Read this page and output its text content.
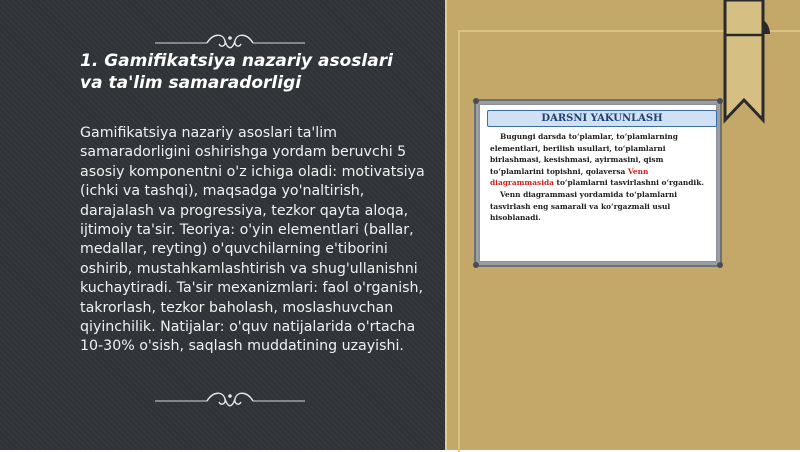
1. Gamifikatsiya nazariy asoslari va ta'lim samaradorligi
Gamifikatsiya nazariy asoslari ta'lim samaradorligini oshirishga yordam beruvchi 5 asosiy komponentni o'z ichiga oladi: motivatsiya (ichki va tashqi), maqsadga yo'naltirish, darajalash va progressiya, tezkor qayta aloqa, ijtimoiy ta'sir. Teoriya: o'yin elementlari (ballar, medallar, reyting) o'quvchilarning e'tiborini oshirib, mustahkamlashtirish va shug'ullanishni kuchaytiradi. Ta'sir mexanizmlari: faol o'rganish, takrorlash, tezkor baholash, moslashuvchan qiyinchilik. Natijalar: o'quv natijalarida o'rtacha 10-30% o'sish, saqlash muddatining uzayishi.
DARSNI YAKUNLASH

Bugungi darsda to‘plamlar, to‘plamlarning elementlari, berilish usullari, to‘plamlarni birlashmasi, kesishmasi, ayirmasini, qism to‘plamlarini topishni, qolaversa Venn diagrammasida to‘plamlarni tasvirlashni o‘rgandik.

Venn diagrammasi yordamida to‘plamlarni tasvirlash eng samarali va ko‘rgazmali usul hisoblanadi.
